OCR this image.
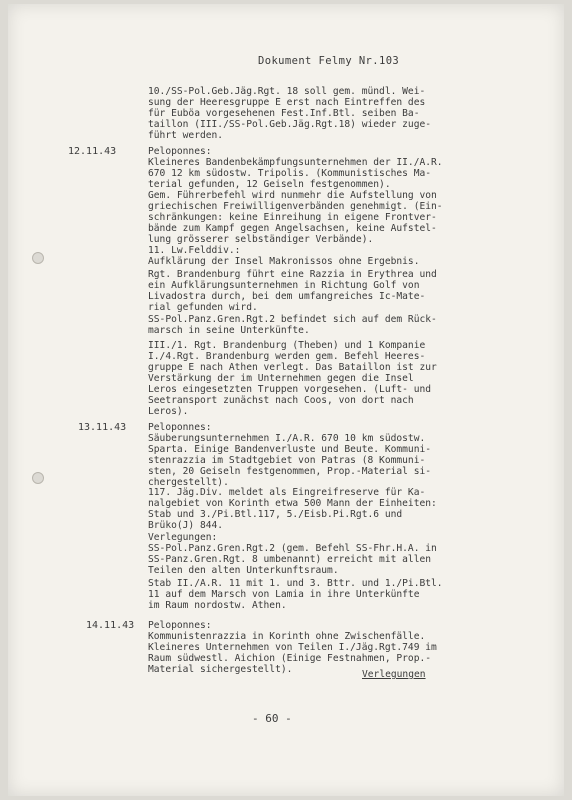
Dokument Felmy Nr.103
10./SS-Pol.Geb.Jäg.Rgt. 18 soll gem. mündl. Wei-
sung der Heeresgruppe E erst nach Eintreffen des
für Euböa vorgesehenen Fest.Inf.Btl. seiben Ba-
taillon (III./SS-Pol.Geb.Jäg.Rgt.18) wieder zuge-
führt werden.
12.11.43	Peloponnes:
Kleineres Bandenbekämpfungsunternehmen der II./A.R.
670 12 km südostw. Tripolis. (Kommunistisches Ma-
terial gefunden, 12 Geiseln festgenommen).
Gem. Führerbefehl wird nunmehr die Aufstellung von
griechischen Freiwilligenverbänden genehmigt. (Ein-
schränkungen: keine Einreihung in eigene Frontver-
bände zum Kampf gegen Angelsachsen, keine Aufstel-
lung grösserer selbständiger Verbände).
11. Lw.Felddiv.:
Aufklärung der Insel Makronissos ohne Ergebnis.
Rgt. Brandenburg führt eine Razzia in Erythrea und
ein Aufklärungsunternehmen in Richtung Golf von
Livadostra durch, bei dem umfangreiches Ic-Mate-
rial gefunden wird.
SS-Pol.Panz.Gren.Rgt.2 befindet sich auf dem Rück-
marsch in seine Unterkünfte.
III./1. Rgt. Brandenburg (Theben) und 1 Kompanie
I./4.Rgt. Brandenburg werden gem. Befehl Heeres-
gruppe E nach Athen verlegt. Das Bataillon ist zur
Verstärkung der im Unternehmen gegen die Insel
Leros eingesetzten Truppen vorgesehen. (Luft- und
Seetransport zunächst nach Coos, von dort nach
Leros).
13.11.43 Peloponnes:
Säuberungsunternehmen I./A.R. 670 10 km südostw.
Sparta. Einige Bandenverluste und Beute. Kommuni-
stenrazzia im Stadtgebiet von Patras (8 Kommuni-
sten, 20 Geiseln festgenommen, Prop.-Material si-
chergestellt).
117. Jäg.Div. meldet als Eingreifreserve für Ka-
nalgebiet von Korinth etwa 500 Mann der Einheiten:
Stab und 3./Pi.Btl.117, 5./Eisb.Pi.Rgt.6 und
Brüko(J) 844.
Verlegungen:
SS-Pol.Panz.Gren.Rgt.2 (gem. Befehl SS-Fhr.H.A. in
SS-Panz.Gren.Rgt. 8 umbenannt) erreicht mit allen
Teilen den alten Unterkunftsraum.
Stab II./A.R. 11 mit 1. und 3. Bttr. und 1./Pi.Btl.
11 auf dem Marsch von Lamia in ihre Unterkünfte
im Raum nordostw. Athen.
14.11.43 Peloponnes:
Kommunistenrazzia in Korinth ohne Zwischenfälle.
Kleineres Unternehmen von Teilen I./Jäg.Rgt.749 im
Raum südwestl. Aichion (Einige Festnahmen, Prop.-
Material sichergestellt).	Verlegungen
- 60 -
